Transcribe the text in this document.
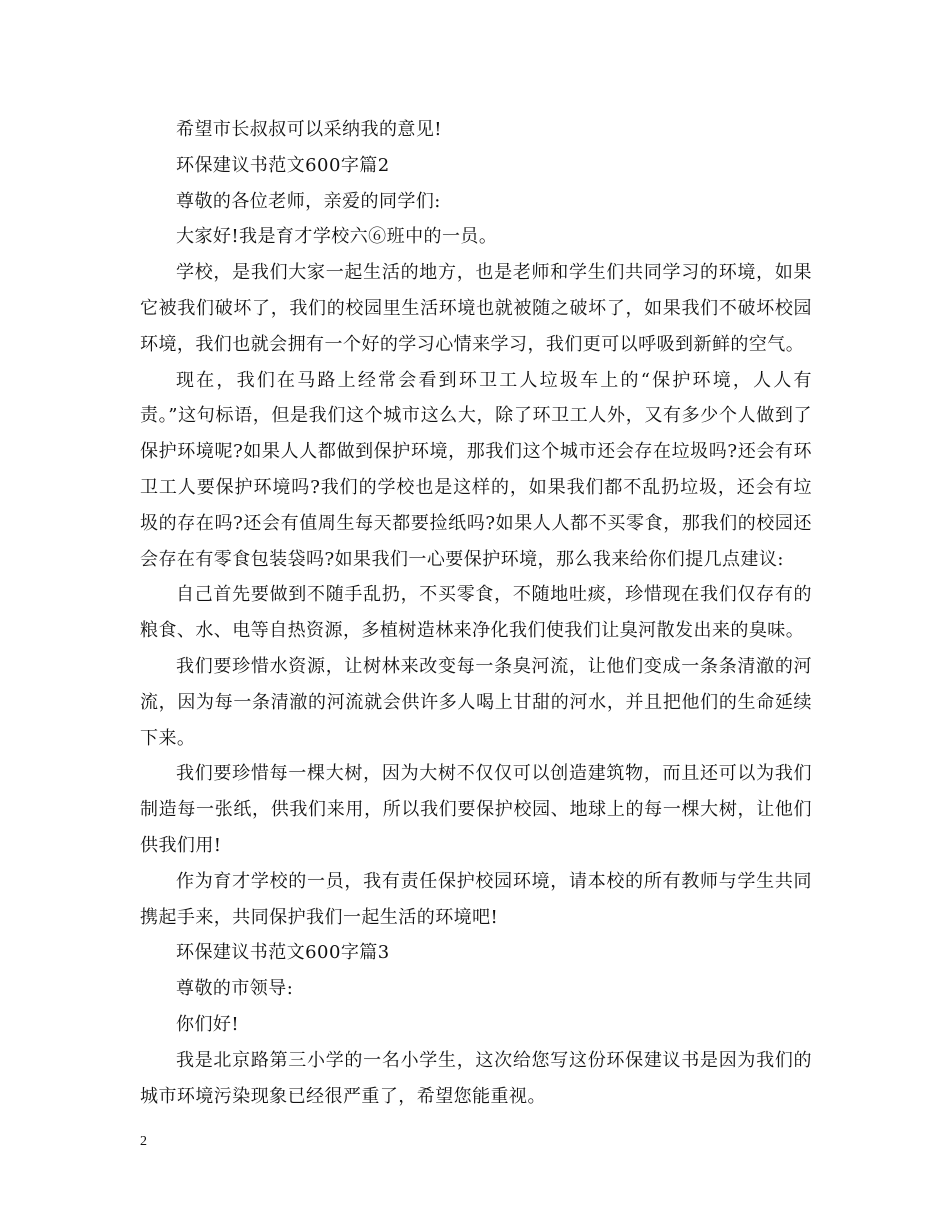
希望市长叔叔可以采纳我的意见!

环保建议书范文600字篇2

尊敬的各位老师，亲爱的同学们:

大家好!我是育才学校六⑥班中的一员。

学校，是我们大家一起生活的地方，也是老师和学生们共同学习的环境，如果它被我们破坏了，我们的校园里生活环境也就被随之破坏了，如果我们不破坏校园环境，我们也就会拥有一个好的学习心情来学习，我们更可以呼吸到新鲜的空气。

现在，我们在马路上经常会看到环卫工人垃圾车上的“保护环境，人人有责。”这句标语，但是我们这个城市这么大，除了环卫工人外，又有多少个人做到了保护环境呢?如果人人都做到保护环境，那我们这个城市还会存在垃圾吗?还会有环卫工人要保护环境吗?我们的学校也是这样的，如果我们都不乱扔垃圾，还会有垃圾的存在吗?还会有值周生每天都要捡纸吗?如果人人都不买零食，那我们的校园还会存在有零食包装袋吗?如果我们一心要保护环境，那么我来给你们提几点建议:

自己首先要做到不随手乱扔，不买零食，不随地吐痰，珍惜现在我们仅存有的粮食、水、电等自热资源，多植树造林来净化我们使我们让臭河散发出来的臭味。

我们要珍惜水资源，让树林来改变每一条臭河流，让他们变成一条条清澈的河流，因为每一条清澈的河流就会供许多人喝上甘甜的河水，并且把他们的生命延续下来。

我们要珍惜每一棵大树，因为大树不仅仅可以创造建筑物，而且还可以为我们制造每一张纸，供我们来用，所以我们要保护校园、地球上的每一棵大树，让他们供我们用!

作为育才学校的一员，我有责任保护校园环境，请本校的所有教师与学生共同携起手来，共同保护我们一起生活的环境吧!

环保建议书范文600字篇3

尊敬的市领导:

你们好!

我是北京路第三小学的一名小学生，这次给您写这份环保建议书是因为我们的城市环境污染现象已经很严重了，希望您能重视。

2
